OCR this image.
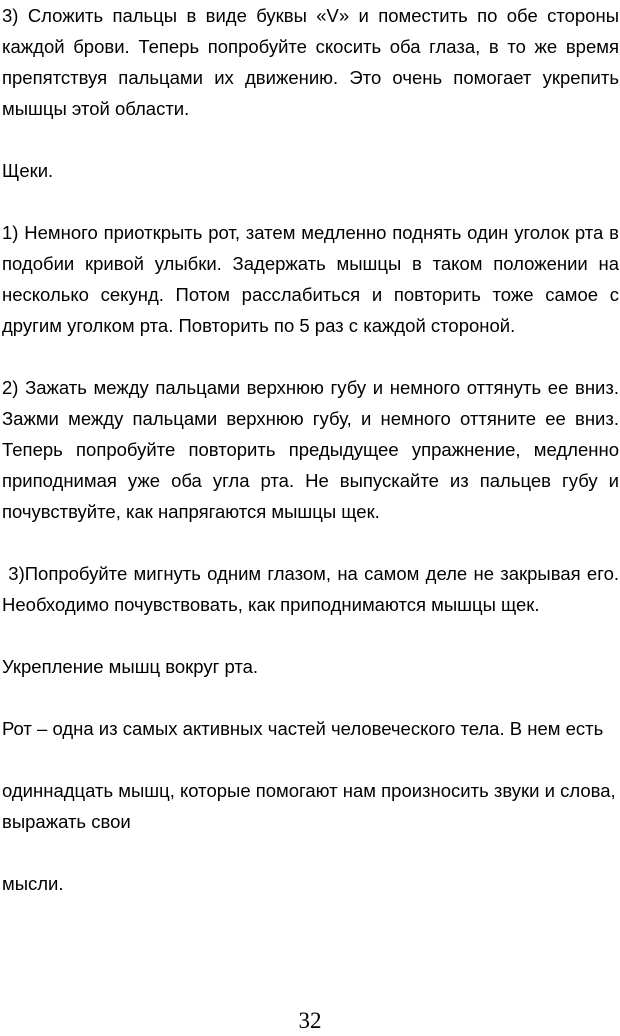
3) Сложить пальцы в виде буквы «V» и поместить по обе стороны каждой брови. Теперь попробуйте скосить оба глаза, в то же время препятствуя пальцами их движению. Это очень помогает укрепить мышцы этой области.

Щеки.

1) Немного приоткрыть рот, затем медленно поднять один уголок рта в подобии кривой улыбки. Задержать мышцы в таком положении на несколько секунд. Потом расслабиться и повторить тоже самое с другим уголком рта. Повторить по 5 раз с каждой стороной.

2) Зажать между пальцами верхнюю губу и немного оттянуть ее вниз. Зажми между пальцами верхнюю губу, и немного оттяните ее вниз. Теперь попробуйте повторить предыдущее упражнение, медленно приподнимая уже оба угла рта. Не выпускайте из пальцев губу и почувствуйте, как напрягаются мышцы щек.

3)Попробуйте мигнуть одним глазом, на самом деле не закрывая его. Необходимо почувствовать, как приподнимаются мышцы щек.

Укрепление мышц вокруг рта.

Рот – одна из самых активных частей человеческого тела. В нем есть

одиннадцать мышц, которые помогают нам произносить звуки и слова, выражать свои

мысли.

32
